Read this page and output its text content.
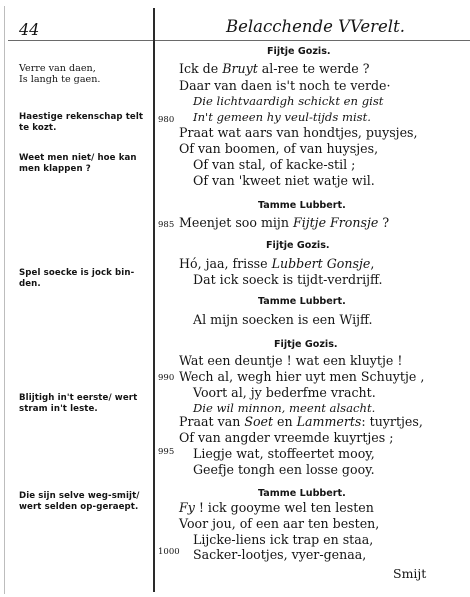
44	Belacchende VVerelt.
Verre van daen,
Is langh te gaen.
Haestige rekenschap telt
te kozt.
Weet men niet/ hoe kan
men klappen ?
Spel soecke is jock bin-
den.
Blijtigh in't eerste/ wert
stram in't leste.
Die sijn selve weg-smijt/
wert selden op-geraept.
980
985
990
995
1000
Fijtje Gozis.
Tamme Lubbert.
Fijtje Gozis.
Tamme Lubbert.
Fijtje Gozis.
Tamme Lubbert.
Ick de Bruyt al-ree te werde ?
Daar van daen is't noch te verde·
Die lichtvaardigh schickt en gist
In't gemeen hy veul-tijds mist.
Praat wat aars van hondtjes, puysjes,
Of van boomen, of van huysjes,
Of van stal, of kacke-stil ;
Of van 'kweet niet watje wil.
Meenjet soo mijn Fijtje Fronsje ?
Hó, jaa, frisse Lubbert Gonsje,
Dat ick soeck is tijdt-verdrijff.
Al mijn soecken is een Wijff.
Wat een deuntje ! wat een kluytje !
Wech al, wegh hier uyt men Schuytje ,
Voort al, jy bederfme vracht.
Die wil minnon, meent alsacht.
Praat van Soet en Lammerts: tuyrtjes,
Of van angder vreemde kuyrtjes ;
Liegje wat, stoffeertet mooy,
Geefje tongh een losse gooy.
Fy ! ick gooyme wel ten lesten
Voor jou, of een aar ten besten,
Lijcke-liens ick trap en staa,
Sacker-lootjes, vyer-genaa,
Smijt
